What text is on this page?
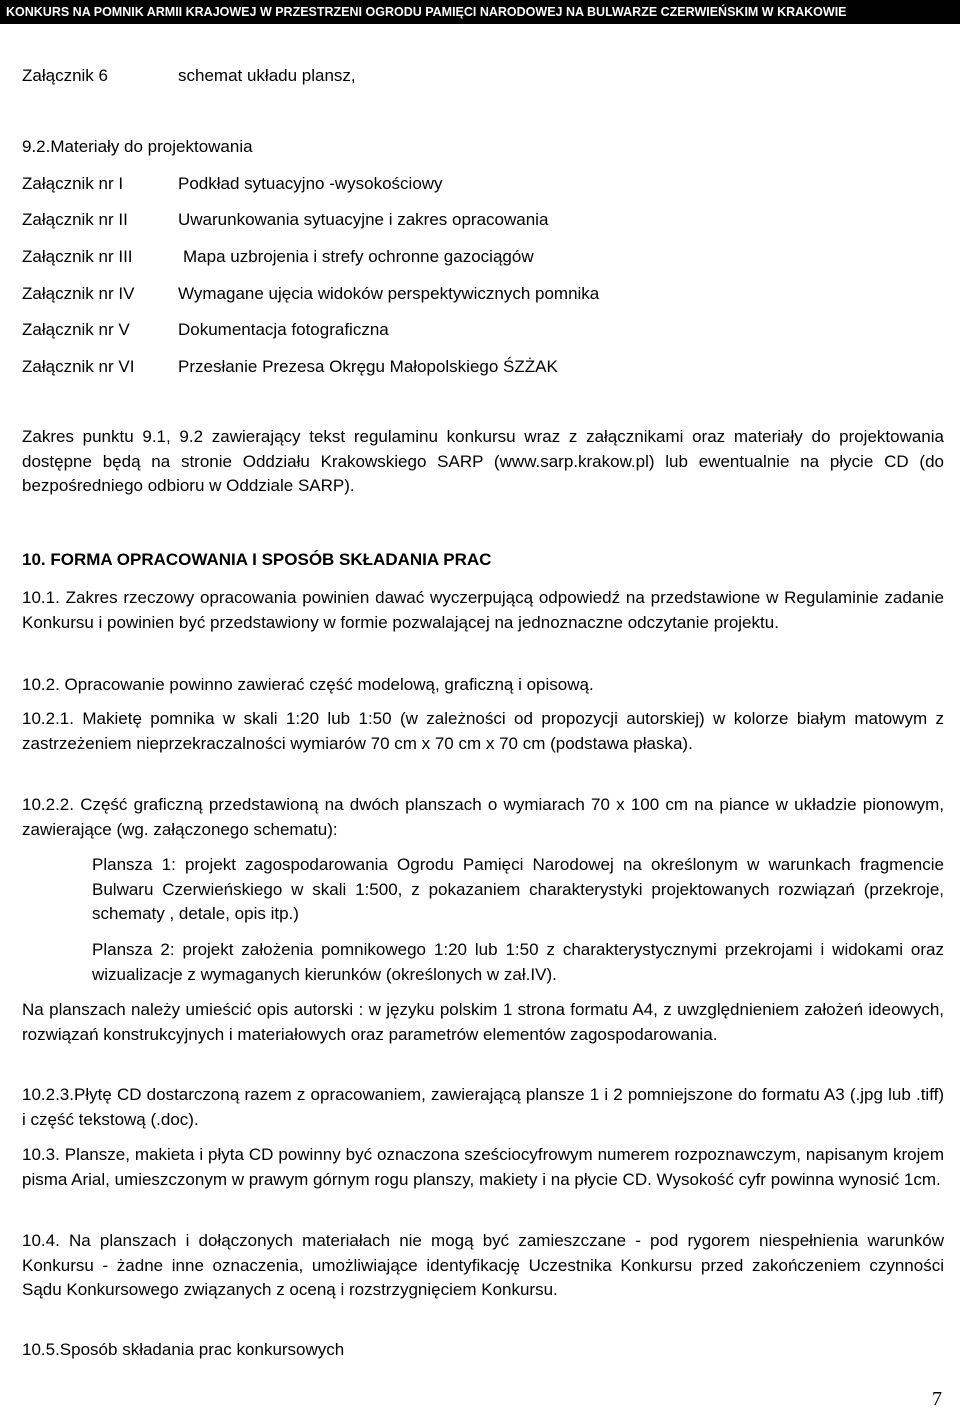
KONKURS NA POMNIK ARMII KRAJOWEJ W PRZESTRZENI OGRODU PAMIĘCI NARODOWEJ NA BULWARZE CZERWIEŃSKIM W KRAKOWIE
Załącznik 6	schemat układu plansz,
9.2.Materiały do projektowania
Załącznik nr I	Podkład sytuacyjno -wysokościowy
Załącznik nr II	Uwarunkowania sytuacyjne i zakres opracowania
Załącznik nr III	Mapa uzbrojenia i strefy ochronne gazociągów
Załącznik nr IV	Wymagane ujęcia widoków perspektywicznych pomnika
Załącznik nr V	Dokumentacja fotograficzna
Załącznik nr VI	Przesłanie Prezesa Okręgu Małopolskiego ŚZŻAK
Zakres punktu 9.1, 9.2 zawierający tekst regulaminu konkursu wraz z załącznikami oraz materiały do projektowania dostępne będą na stronie Oddziału Krakowskiego SARP (www.sarp.krakow.pl) lub ewentualnie na płycie CD (do bezpośredniego odbioru w Oddziale SARP).
10. FORMA OPRACOWANIA I SPOSÓB SKŁADANIA PRAC
10.1. Zakres rzeczowy opracowania powinien dawać wyczerpującą odpowiedź na przedstawione w Regulaminie zadanie Konkursu i powinien być przedstawiony w formie pozwalającej na jednoznaczne odczytanie projektu.
10.2. Opracowanie powinno zawierać część modelową, graficzną i opisową.
10.2.1. Makietę pomnika w skali 1:20 lub 1:50 (w zależności od propozycji autorskiej) w kolorze białym matowym z zastrzeżeniem nieprzekraczalności wymiarów 70 cm x 70 cm x 70 cm (podstawa płaska).
10.2.2. Część graficzną przedstawioną na dwóch planszach o wymiarach 70 x 100 cm na piance w układzie pionowym, zawierające (wg. załączonego schematu):
Plansza 1: projekt zagospodarowania Ogrodu Pamięci Narodowej na określonym w warunkach fragmencie Bulwaru Czerwieńskiego w skali 1:500, z pokazaniem charakterystyki projektowanych rozwiązań (przekroje, schematy , detale, opis itp.)
Plansza 2: projekt założenia pomnikowego 1:20 lub 1:50 z charakterystycznymi przekrojami i widokami oraz wizualizacje z wymaganych kierunków (określonych w zał.IV).
Na planszach należy umieścić opis autorski : w języku polskim 1 strona formatu A4, z uwzględnieniem założeń ideowych, rozwiązań konstrukcyjnych i materiałowych oraz parametrów elementów zagospodarowania.
10.2.3.Płytę CD dostarczoną razem z opracowaniem, zawierającą plansze 1 i 2 pomniejszone do formatu A3 (.jpg lub .tiff) i część tekstową (.doc).
10.3. Plansze, makieta i płyta CD powinny być oznaczona sześciocyfrowym numerem rozpoznawczym, napisanym krojem pisma Arial, umieszczonym w prawym górnym rogu planszy, makiety i na płycie CD. Wysokość cyfr powinna wynosić 1cm.
10.4. Na planszach i dołączonych materiałach nie mogą być zamieszczane - pod rygorem niespełnienia warunków Konkursu - żadne inne oznaczenia, umożliwiające identyfikację Uczestnika Konkursu przed zakończeniem czynności Sądu Konkursowego związanych z oceną i rozstrzygnięciem Konkursu.
10.5.Sposób składania prac konkursowych
7
